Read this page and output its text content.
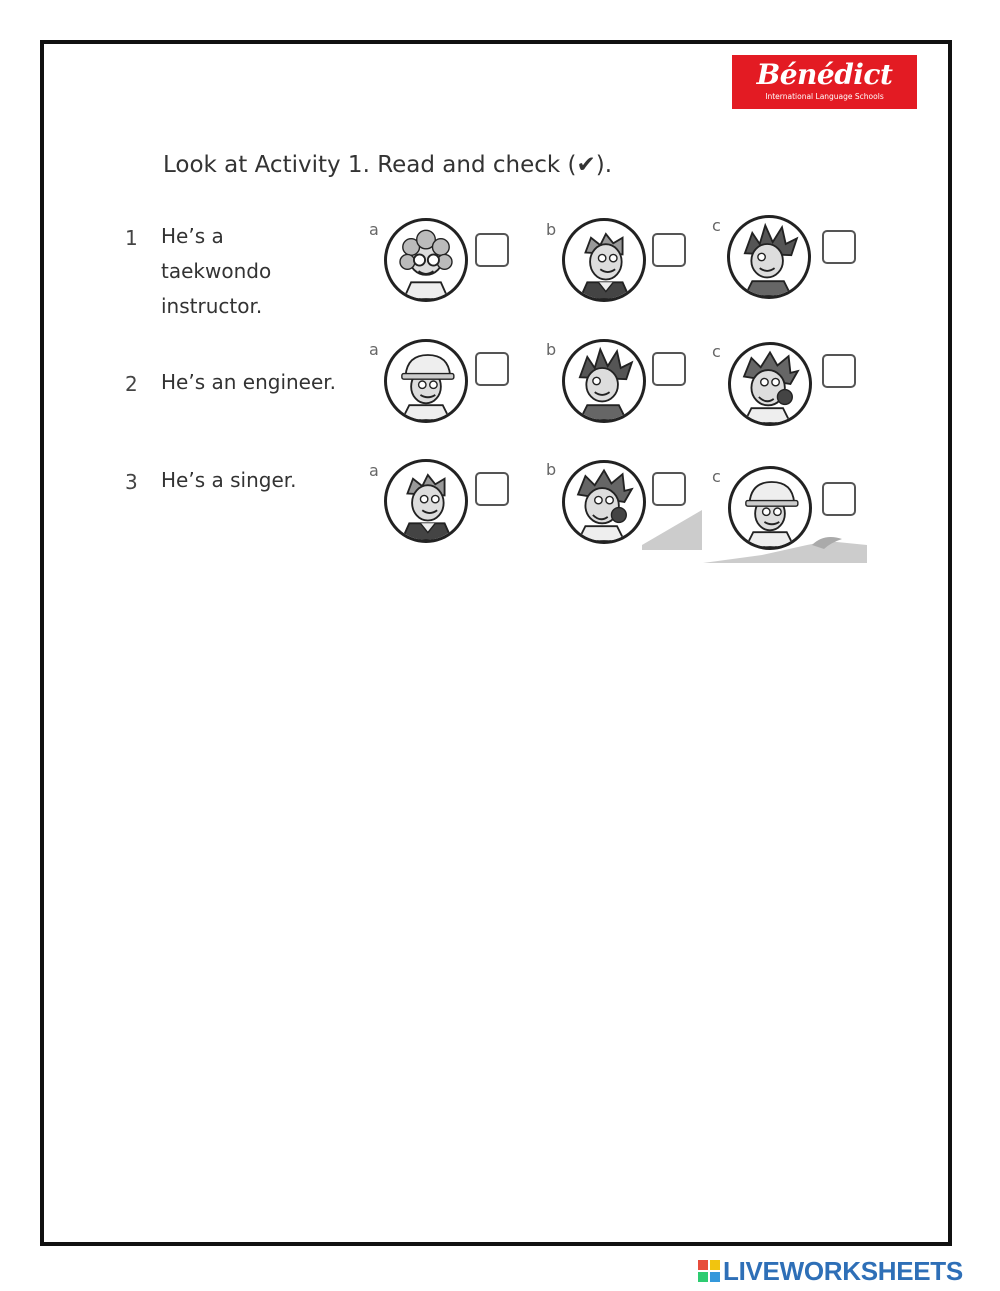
Bénédict
International Language Schools
Look at Activity 1. Read and check (✔).
1 He’s a
taekwondo
instructor.
a	b	c
2 He’s an engineer.
a	b	c
3 He’s a singer.	a	b	c
LIVEWORKSHEETS
